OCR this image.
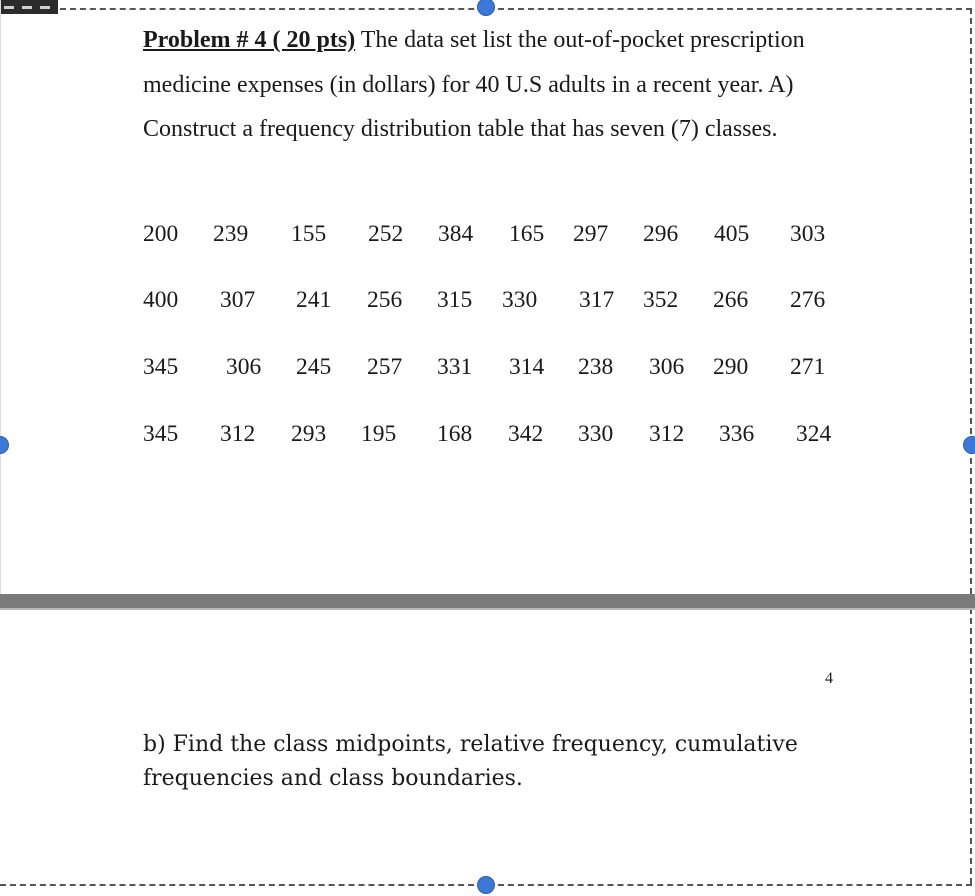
Problem # 4 ( 20 pts) The data set list the out-of-pocket prescription medicine expenses (in dollars) for 40 U.S adults in a recent year. A) Construct a frequency distribution table that has seven (7) classes.

200 239 155 252 384 165 297 296 405 303
400 307 241 256 315 330 317 352 266 276
345 306 245 257 331 314 238 306 290 271
345 312 293 195 168 342 330 312 336 324
4

b) Find the class midpoints, relative frequency, cumulative frequencies and class boundaries.
